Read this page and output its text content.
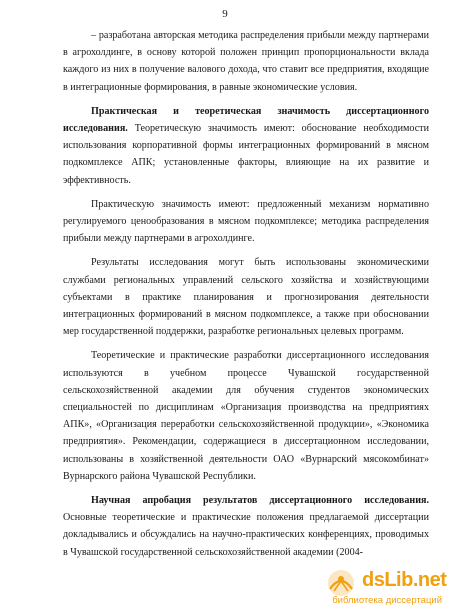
9

– разработана авторская методика распределения прибыли между партнерами в агрохолдинге, в основу которой положен принцип пропорциональности вклада каждого из них в получение валового дохода, что ставит все предприятия, входящие в интеграционные формирования, в равные экономические условия.

Практическая и теоретическая значимость диссертационного исследования. Теоретическую значимость имеют: обоснование необходимости использования корпоративной формы интеграционных формирований в мясном подкомплексе АПК; установленные факторы, влияющие на их развитие и эффективность.

Практическую значимость имеют: предложенный механизм нормативно регулируемого ценообразования в мясном подкомплексе; методика распределения прибыли между партнерами в агрохолдинге.

Результаты исследования могут быть использованы экономическими службами региональных управлений сельского хозяйства и хозяйствующими субъектами в практике планирования и прогнозирования деятельности интеграционных формирований в мясном подкомплексе, а также при обосновании мер государственной поддержки, разработке региональных целевых программ.

Теоретические и практические разработки диссертационного исследования используются в учебном процессе Чувашской государственной сельскохозяйственной академии для обучения студентов экономических специальностей по дисциплинам «Организация производства на предприятиях АПК», «Организация переработки сельскохозяйственной продукции», «Экономика предприятия». Рекомендации, содержащиеся в диссертационном исследовании, использованы в хозяйственной деятельности ОАО «Вурнарский мясокомбинат» Вурнарского района Чувашской Республики.

Научная апробация результатов диссертационного исследования. Основные теоретические и практические положения предлагаемой диссертации докладывались и обсуждались на научно-практических конференциях, проводимых в Чувашской государственной сельскохозяйственной академии (2004-

dsLib.net
библиотека диссертаций
